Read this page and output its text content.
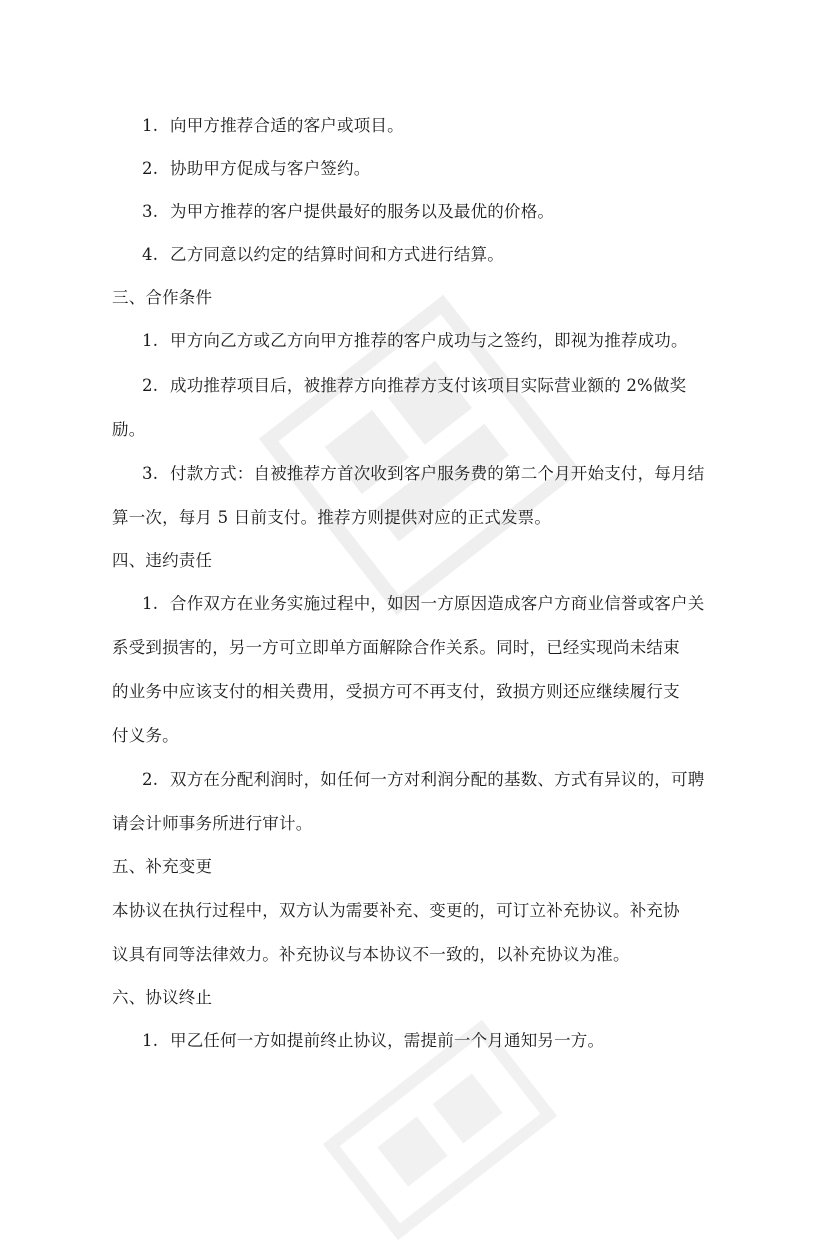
1. 向甲方推荐合适的客户或项目。
2. 协助甲方促成与客户签约。
3. 为甲方推荐的客户提供最好的服务以及最优的价格。
4. 乙方同意以约定的结算时间和方式进行结算。
三、合作条件
1. 甲方向乙方或乙方向甲方推荐的客户成功与之签约，即视为推荐成功。
2. 成功推荐项目后，被推荐方向推荐方支付该项目实际营业额的 2%做奖
励。
3. 付款方式：自被推荐方首次收到客户服务费的第二个月开始支付，每月结
算一次，每月 5 日前支付。推荐方则提供对应的正式发票。
四、违约责任
1. 合作双方在业务实施过程中，如因一方原因造成客户方商业信誉或客户关
系受到损害的，另一方可立即单方面解除合作关系。同时，已经实现尚未结束
的业务中应该支付的相关费用，受损方可不再支付，致损方则还应继续履行支
付义务。
2. 双方在分配利润时，如任何一方对利润分配的基数、方式有异议的，可聘
请会计师事务所进行审计。
五、补充变更
本协议在执行过程中，双方认为需要补充、变更的，可订立补充协议。补充协
议具有同等法律效力。补充协议与本协议不一致的，以补充协议为准。
六、协议终止
1. 甲乙任何一方如提前终止协议，需提前一个月通知另一方。
